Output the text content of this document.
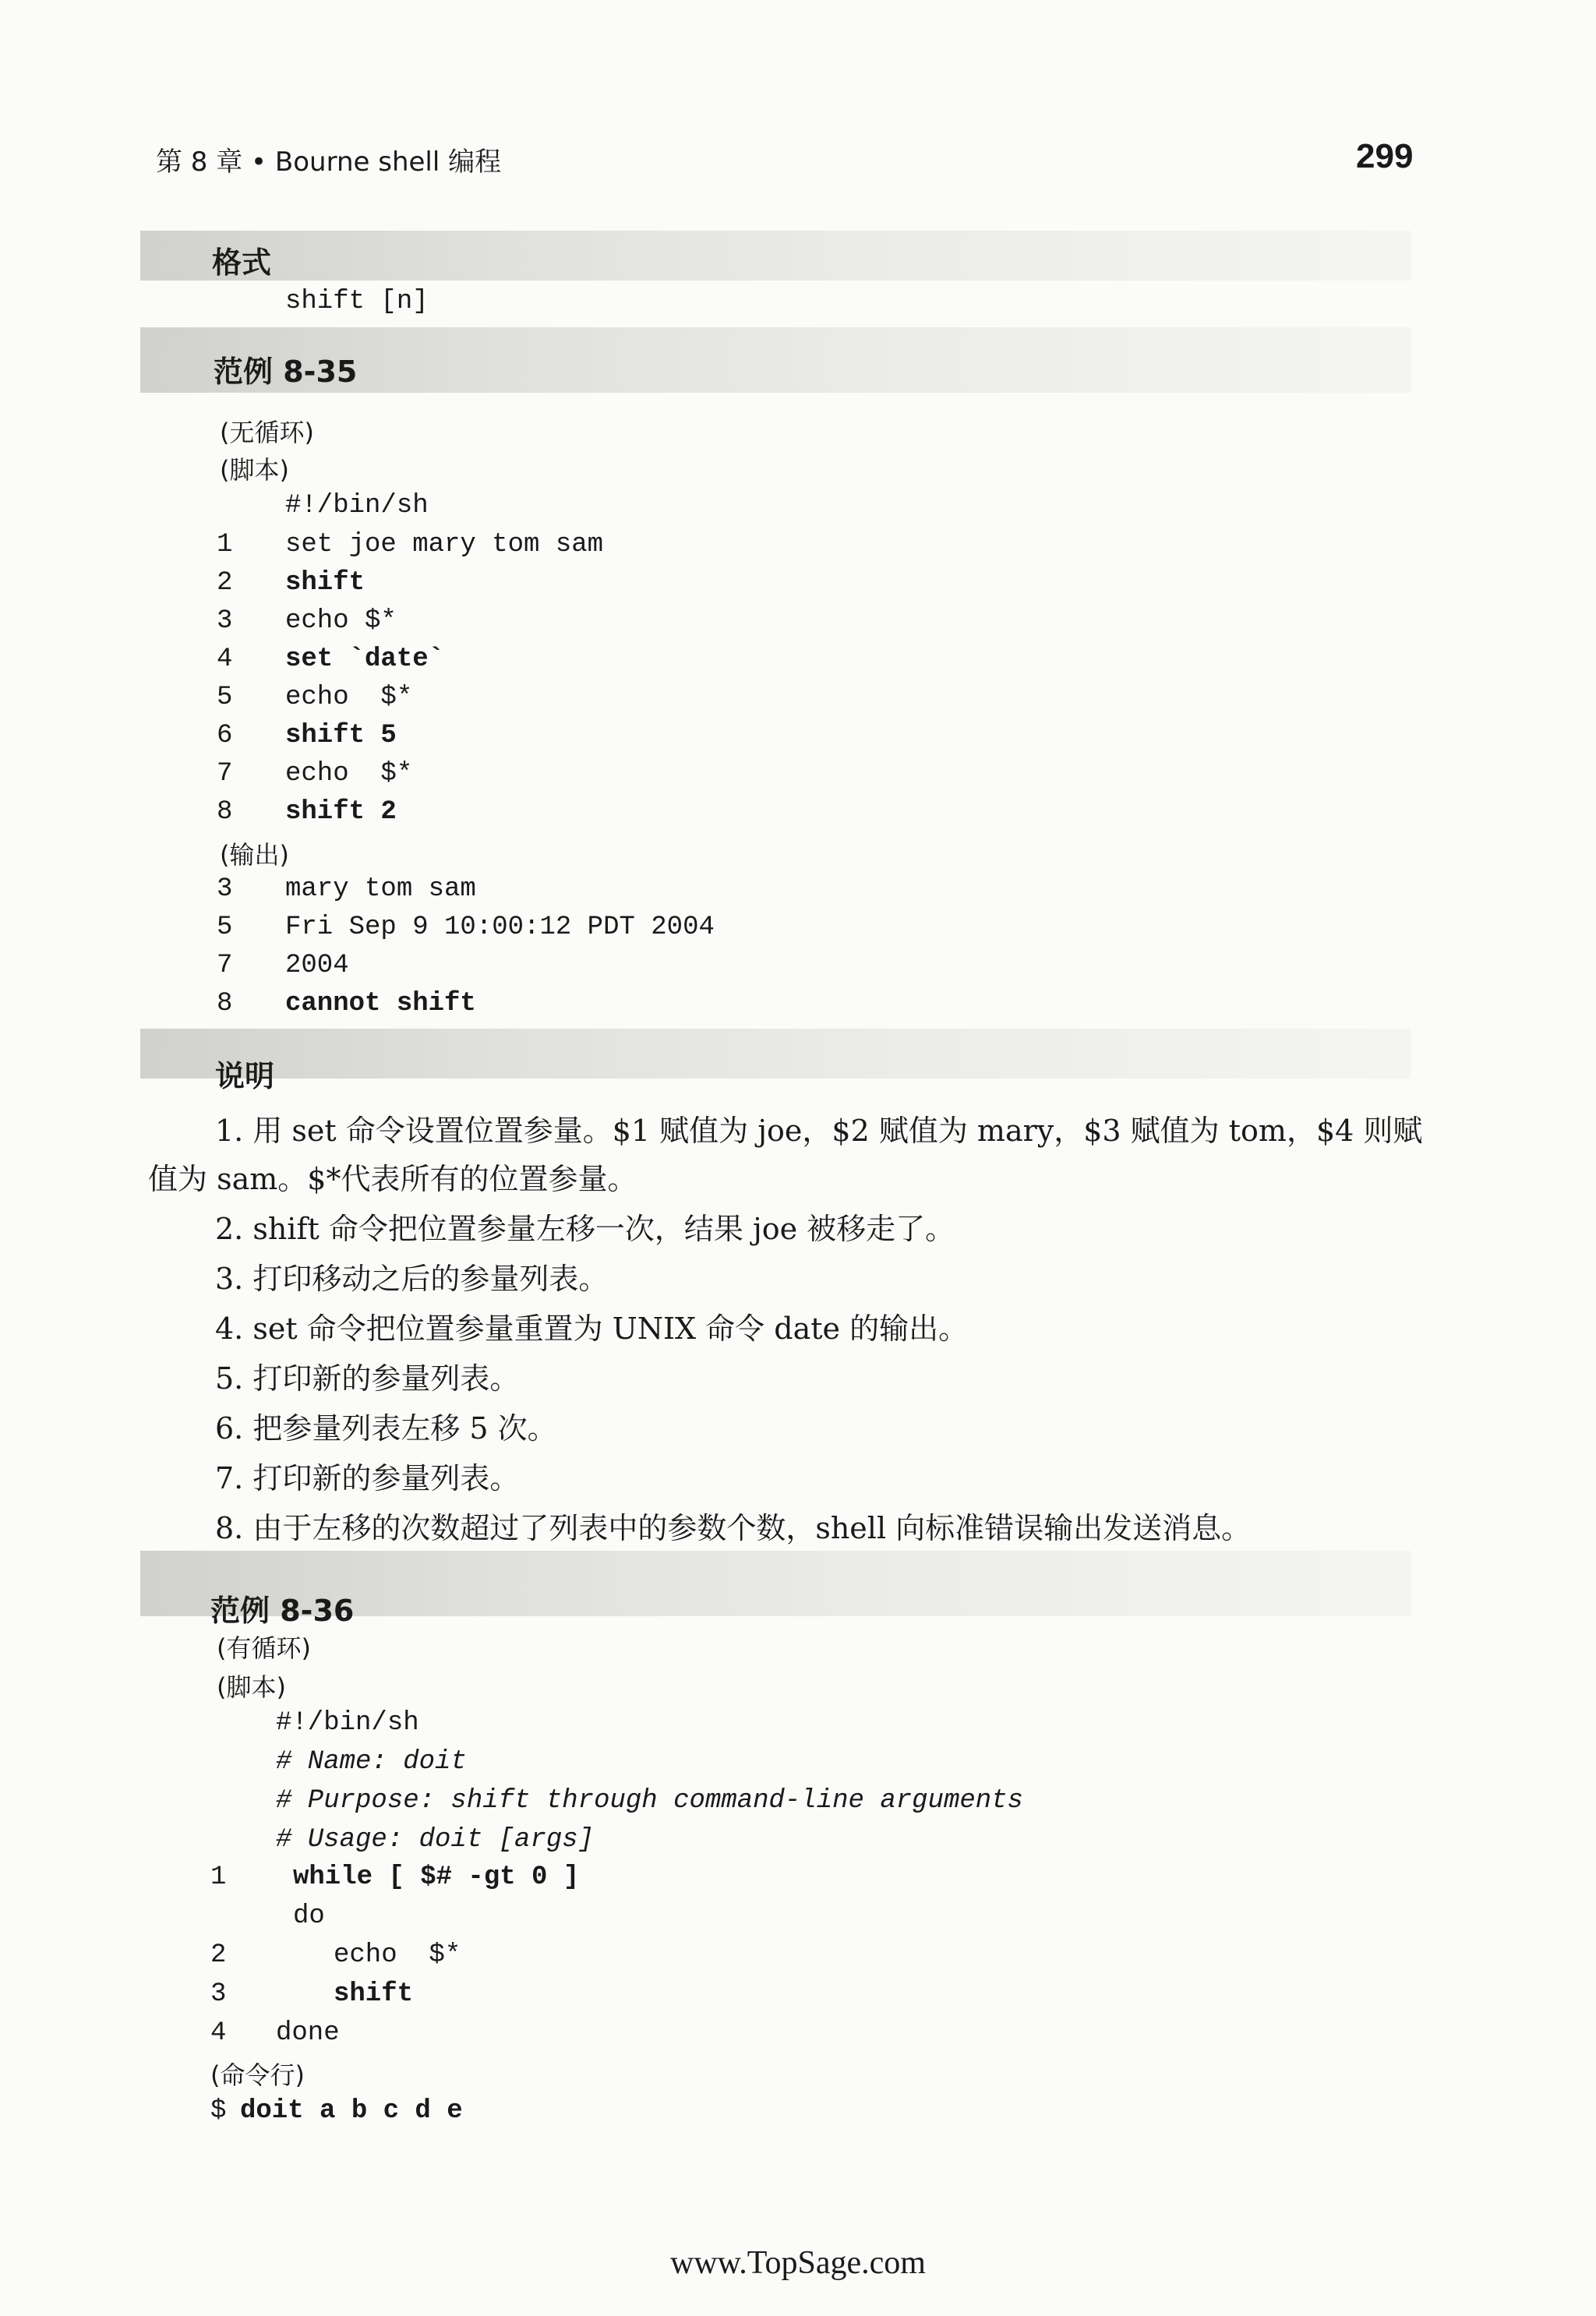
第 8 章 • Bourne shell 编程	299
格式
shift [n]
范例 8-35
(无循环)
(脚本)
#!/bin/sh
1 set joe mary tom sam
2 shift
3 echo $*
4 set `date`
5 echo  $*
6 shift 5
7 echo  $*
8 shift 2
(输出)
3 mary tom sam
5 Fri Sep 9 10:00:12 PDT 2004
7 2004
8 cannot shift
说明
1. 用 set 命令设置位置参量。$1 赋值为 joe，$2 赋值为 mary，$3 赋值为 tom，$4 则赋
值为 sam。$*代表所有的位置参量。
2. shift 命令把位置参量左移一次，结果 joe 被移走了。
3. 打印移动之后的参量列表。
4. set 命令把位置参量重置为 UNIX 命令 date 的输出。
5. 打印新的参量列表。
6. 把参量列表左移 5 次。
7. 打印新的参量列表。
8. 由于左移的次数超过了列表中的参数个数，shell 向标准错误输出发送消息。
范例 8-36
(有循环)
(脚本)
#!/bin/sh
# Name: doit
# Purpose: shift through command-line arguments
# Usage: doit [args]
1	while [ $# -gt 0 ]
do
2	echo  $*
3	shift
4 done
(命令行)
$ doit a b c d e
www.TopSage.com
